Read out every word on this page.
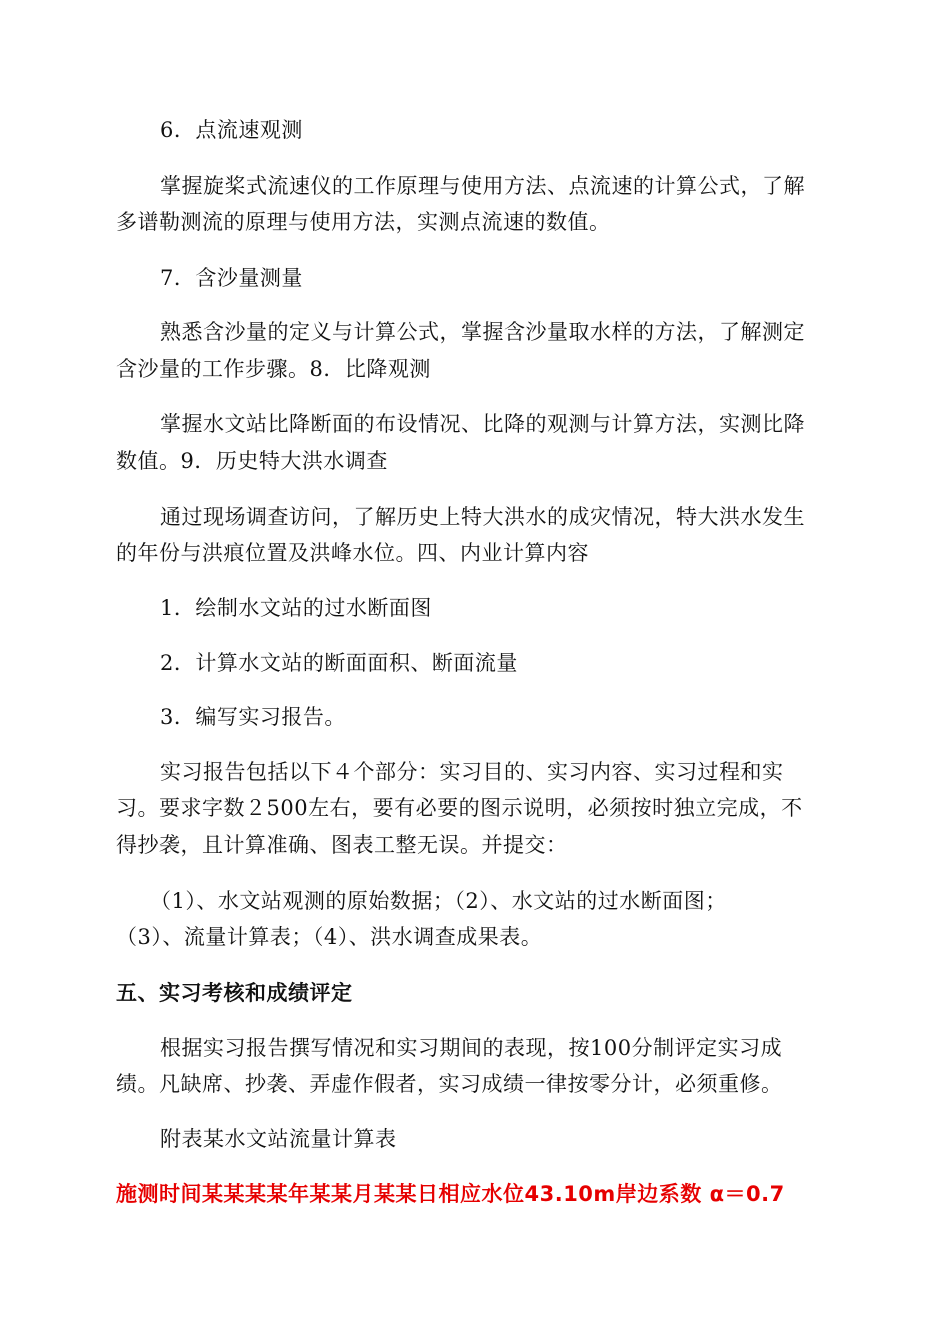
6．点流速观测
掌握旋桨式流速仪的工作原理与使用方法、点流速的计算公式，了解
多谱勒测流的原理与使用方法，实测点流速的数值。
7．含沙量测量
熟悉含沙量的定义与计算公式，掌握含沙量取水样的方法，了解测定
含沙量的工作步骤。8．比降观测
掌握水文站比降断面的布设情况、比降的观测与计算方法，实测比降
数值。9．历史特大洪水调查
通过现场调查访问，了解历史上特大洪水的成灾情况，特大洪水发生
的年份与洪痕位置及洪峰水位。四、内业计算内容
1．绘制水文站的过水断面图
2．计算水文站的断面面积、断面流量
3．编写实习报告。
实习报告包括以下４个部分：实习目的、实习内容、实习过程和实
习。要求字数２500左右，要有必要的图示说明，必须按时独立完成，不
得抄袭，且计算准确、图表工整无误。并提交：
（1）、水文站观测的原始数据；（2）、水文站的过水断面图；
（3）、流量计算表；（4）、洪水调查成果表。
五、实习考核和成绩评定
根据实习报告撰写情况和实习期间的表现，按100分制评定实习成
绩。凡缺席、抄袭、弄虚作假者，实习成绩一律按零分计，必须重修。
附表某水文站流量计算表
施测时间某某某某年某某月某某日相应水位43.10m岸边系数 α＝0.7
